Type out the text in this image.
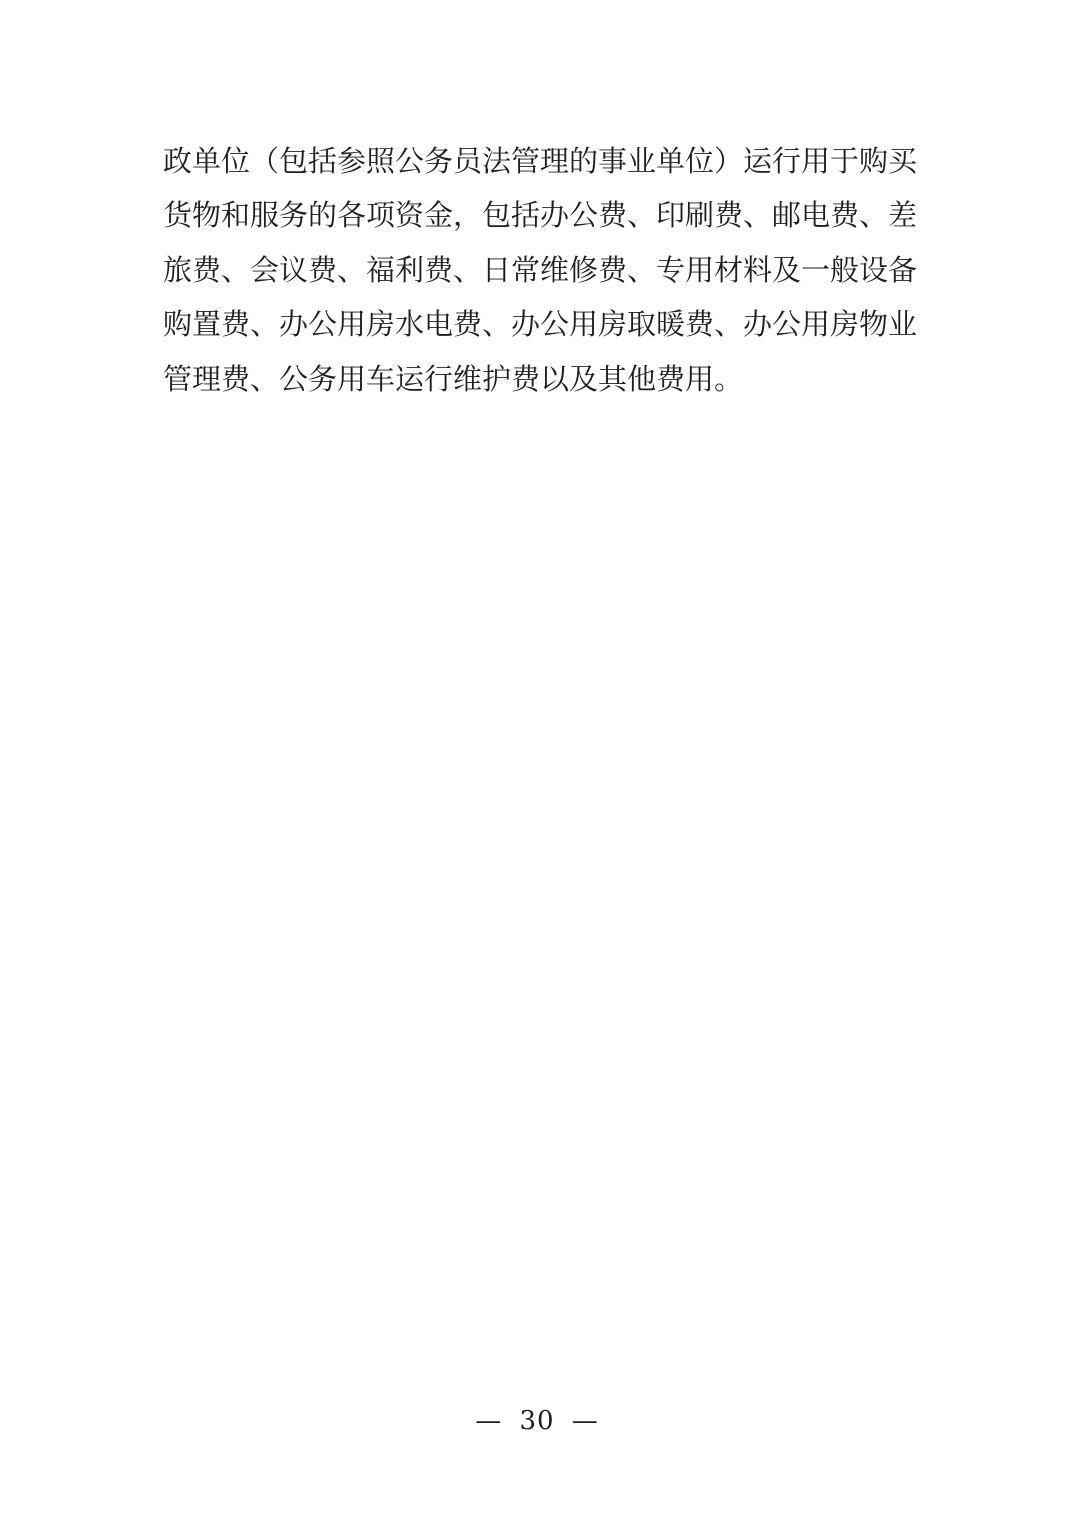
政单位（包括参照公务员法管理的事业单位）运行用于购买

货物和服务的各项资金，包括办公费、印刷费、邮电费、差

旅费、会议费、福利费、日常维修费、专用材料及一般设备

购置费、办公用房水电费、办公用房取暖费、办公用房物业

管理费、公务用车运行维护费以及其他费用。

— 30 —
